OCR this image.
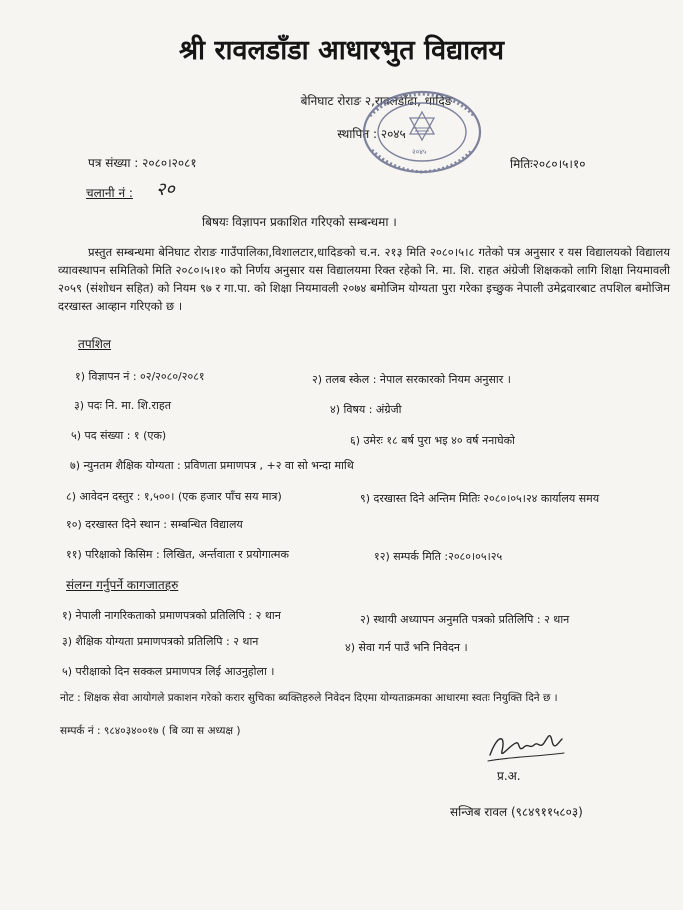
श्री रावलडाँडा आधारभुत विद्यालय
बेनिघाट रोराङ २,रावलडाँढा, धादिङ
स्थापित : २०४५
२०४५
पत्र संख्या : २०८०।२०८१	मितिः२०८०।५।१०
चलानी नं : २०
बिषयः विज्ञापन प्रकाशित गरिएको सम्बन्धमा ।
प्रस्तुत सम्बन्धमा बेनिघाट रोराङ गाउँपालिका,विशालटार,धादिङको च.न. २१३ मिति २०८०।५।८ गतेको पत्र अनुसार र यस विद्यालयको विद्यालय व्यावस्थापन समितिको मिति २०८०।५।१० को निर्णय अनुसार यस विद्यालयमा रिक्त रहेको नि. मा. शि. राहत अंग्रेजी शिक्षकको लागि शिक्षा नियमावली २०५९ (संशोधन सहित) को नियम ९७ र गा.पा. को शिक्षा नियमावली २०७४ बमोजिम योग्यता पुरा गरेका इच्छुक नेपाली उमेद्रवारबाट तपशिल बमोजिम दरखास्त आव्हान गरिएको छ ।
तपशिल
१) विज्ञापन नं : ०२/२०८०/२०८१	२) तलब स्केल : नेपाल सरकारको नियम अनुसार ।
३) पदः नि. मा. शि.राहत	४) विषय : अंग्रेजी
५) पद संख्या : १ (एक)	६) उमेरः १८ बर्ष पुरा भइ ४० वर्ष ननाघेको
७) न्युनतम शैक्षिक योग्यता : प्रविणता प्रमाणपत्र , +२ वा सो भन्दा माथि
८) आवेदन दस्तुर : १,५००। (एक हजार पाँच सय मात्र)	९) दरखास्त दिने अन्तिम मितिः २०८०।०५।२४ कार्यालय समय
१०) दरखास्त दिने स्थान : सम्बन्धित विद्यालय
११) परिक्षाको किसिम : लिखित, अर्न्तवाता र प्रयोगात्मक	१२) सम्पर्क मिति :२०८०।०५।२५
संलग्न गर्नुपर्ने कागजातहरु
१) नेपाली नागरिकताको प्रमाणपत्रको प्रतिलिपि : २ थान	२) स्थायी अध्यापन अनुमति पत्रको प्रतिलिपि : २ थान
३) शैक्षिक योग्यता प्रमाणपत्रको प्रतिलिपि : २ थान	४) सेवा गर्न पाउँ भनि निवेदन ।
५) परीक्षाको दिन सक्कल प्रमाणपत्र लिई आउनुहोला ।
नोट : शिक्षक सेवा आयोगले प्रकाशन गरेको करार सुचिका ब्यक्तिहरुले निवेदन दिएमा योग्यताक्रमका आधारमा स्वतः नियुक्ति दिने छ ।
सम्पर्क नं : ९८४०३४००१७ ( बि व्या स अध्यक्ष )
प्र.अ.
सन्जिब रावल (९८४९११५८०३)
